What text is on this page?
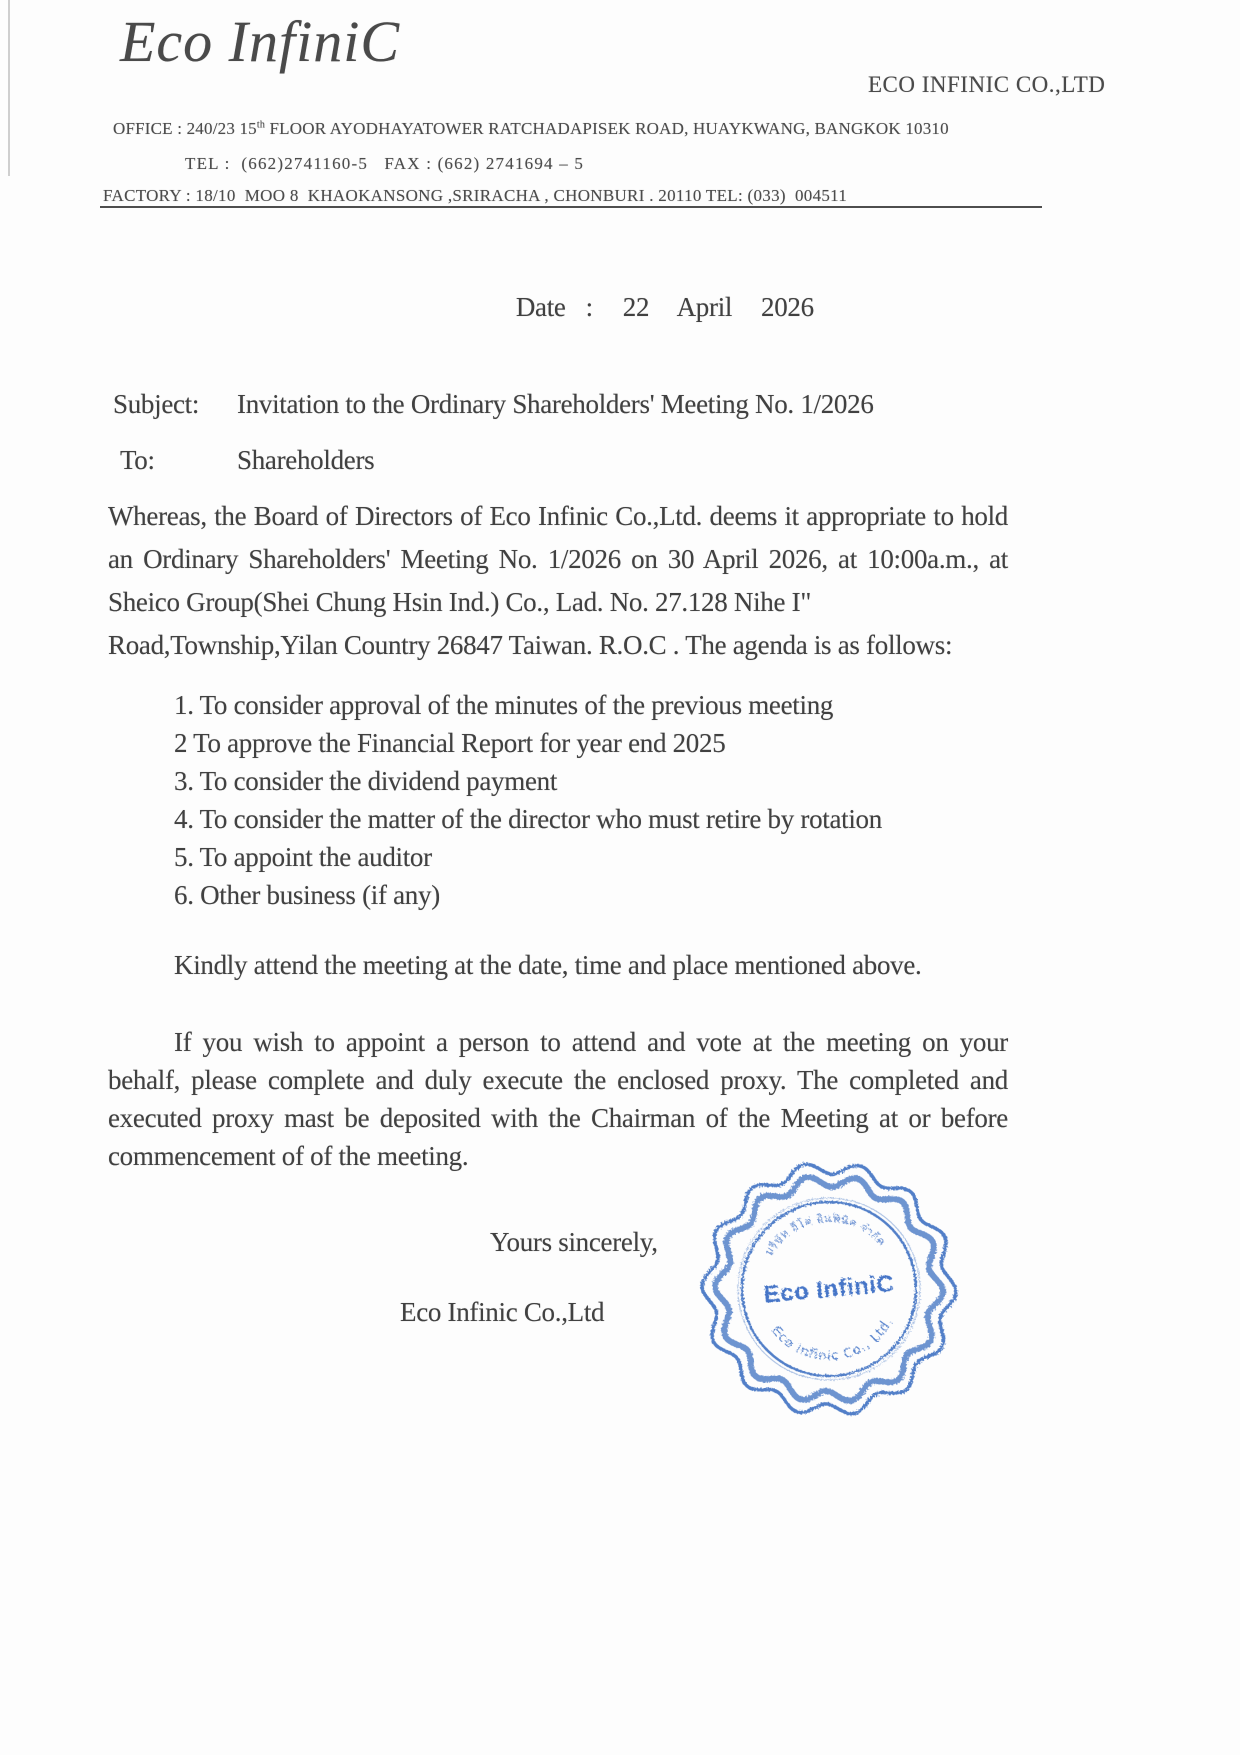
Eco InfiniC
ECO INFINIC CO.,LTD
OFFICE : 240/23 15th FLOOR AYODHAYATOWER RATCHADAPISEK ROAD, HUAYKWANG, BANGKOK 10310
TEL :  (662)2741160-5   FAX : (662) 2741694 – 5
FACTORY : 18/10  MOO 8  KHAOKANSONG ,SRIRACHA , CHONBURI . 20110 TEL: (033)  004511

Date : 22  April  2026

Subject:	Invitation to the Ordinary Shareholders' Meeting No. 1/2026
To:	Shareholders
Whereas, the Board of Directors of Eco Infinic Co.,Ltd. deems it appropriate to hold an Ordinary Shareholders' Meeting No. 1/2026 on 30 April 2026, at 10:00a.m., at Sheico Group(Shei Chung Hsin Ind.) Co., Lad. No. 27.128 Nihe I"
Road,Township,Yilan Country 26847 Taiwan. R.O.C . The agenda is as follows:
1. To consider approval of the minutes of the previous meeting
2 To approve the Financial Report for year end 2025
3. To consider the dividend payment
4. To consider the matter of the director who must retire by rotation
5. To appoint the auditor
6. Other business (if any)
Kindly attend the meeting at the date, time and place mentioned above.
If you wish to appoint a person to attend and vote at the meeting on your behalf, please complete and duly execute the enclosed proxy. The completed and executed proxy mast be deposited with the Chairman of the Meeting at or before commencement of of the meeting.
Yours sincerely,
Eco Infinic Co.,Ltd
บริษัท อีโค่ อินฟินิค จำกัด
Eco InfiniC
Eco Infinic Co., Ltd.
